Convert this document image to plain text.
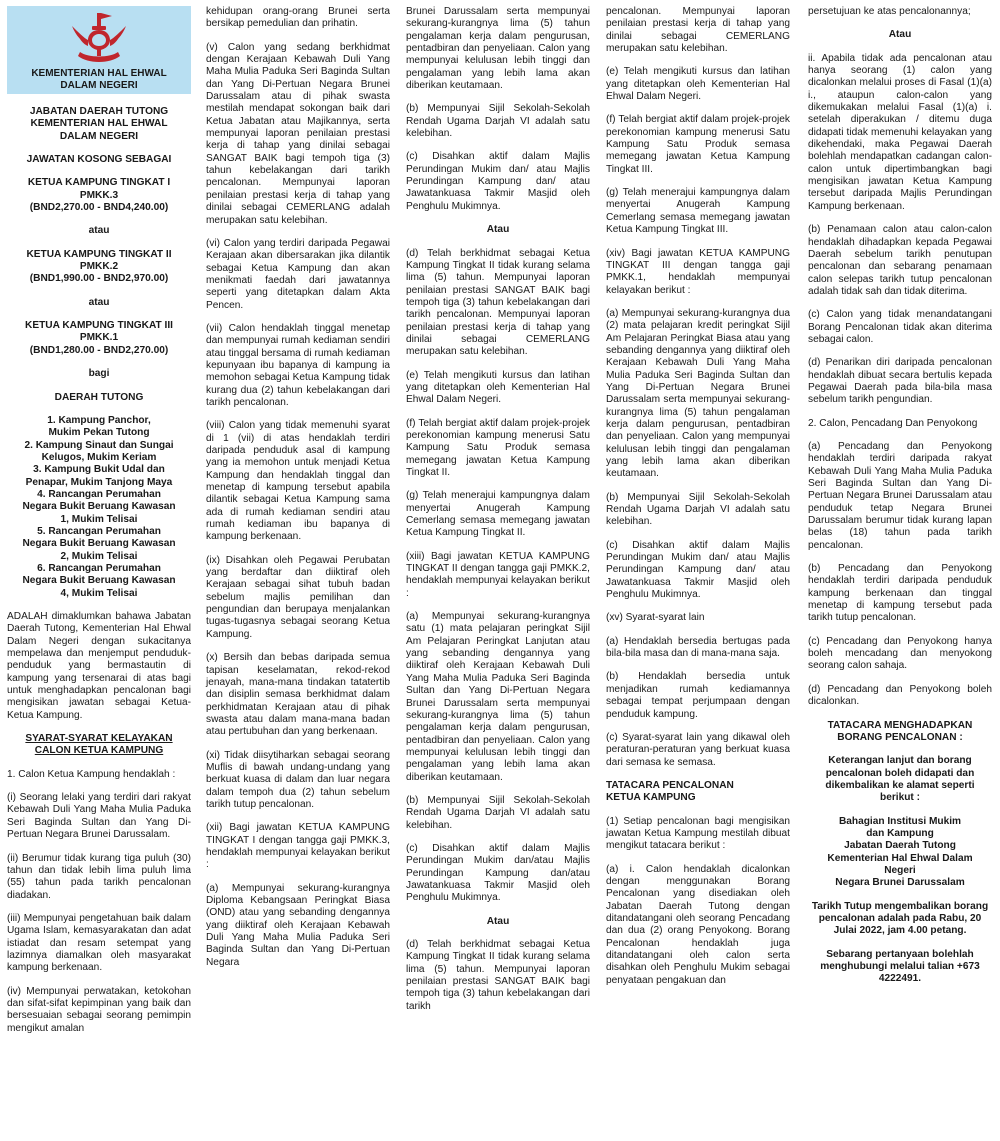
KEMENTERIAN HAL EHWAL
DALAM NEGERI

JABATAN DAERAH TUTONG
KEMENTERIAN HAL EHWAL
DALAM NEGERI

JAWATAN KOSONG SEBAGAI

KETUA KAMPUNG TINGKAT I
PMKK.3
(BND2,270.00 - BND4,240.00)

atau

KETUA KAMPUNG TINGKAT II
PMKK.2
(BND1,990.00 - BND2,970.00)

atau

KETUA KAMPUNG TINGKAT III
PMKK.1
(BND1,280.00 - BND2,270.00)

bagi

DAERAH TUTONG

1. Kampung Panchor,
Mukim Pekan Tutong
2. Kampung Sinaut dan Sungai
Kelugos, Mukim Keriam
3. Kampung Bukit Udal dan
Penapar, Mukim Tanjong Maya
4. Rancangan Perumahan
Negara Bukit Beruang Kawasan
1, Mukim Telisai
5. Rancangan Perumahan
Negara Bukit Beruang Kawasan
2, Mukim Telisai
6. Rancangan Perumahan
Negara Bukit Beruang Kawasan
4, Mukim Telisai

ADALAH dimaklumkan bahawa Jabatan Daerah Tutong, Kementerian Hal Ehwal Dalam Negeri dengan sukacitanya mempelawa dan menjemput penduduk-penduduk yang bermastautin di kampung yang tersenarai di atas bagi untuk menghadapkan pencalonan bagi mengisikan jawatan sebagai Ketua-Ketua Kampung.

SYARAT-SYARAT KELAYAKAN
CALON KETUA KAMPUNG

1. Calon Ketua Kampung hendaklah :

(i) Seorang lelaki yang terdiri dari rakyat Kebawah Duli Yang Maha Mulia Paduka Seri Baginda Sultan dan Yang Di-Pertuan Negara Brunei Darussalam.

(ii) Berumur tidak kurang tiga puluh (30) tahun dan tidak lebih lima puluh lima (55) tahun pada tarikh pencalonan diadakan.

(iii) Mempunyai pengetahuan baik dalam Ugama Islam, kemasyarakatan dan adat istiadat dan resam setempat yang lazimnya diamalkan oleh masyarakat kampung berkenaan.

(iv) Mempunyai perwatakan, ketokohan dan sifat-sifat kepimpinan yang baik dan bersesuaian sebagai seorang pemimpin mengikut amalan

kehidupan orang-orang Brunei serta bersikap pemedulian dan prihatin.

(v) Calon yang sedang berkhidmat dengan Kerajaan Kebawah Duli Yang Maha Mulia Paduka Seri Baginda Sultan dan Yang Di-Pertuan Negara Brunei Darussalam atau di pihak swasta mestilah mendapat sokongan baik dari Ketua Jabatan atau Majikannya, serta mempunyai laporan penilaian prestasi kerja di tahap yang dinilai sebagai SANGAT BAIK bagi tempoh tiga (3) tahun kebelakangan dari tarikh pencalonan. Mempunyai laporan penilaian prestasi kerja di tahap yang dinilai sebagai CEMERLANG adalah merupakan satu kelebihan.

(vi) Calon yang terdiri daripada Pegawai Kerajaan akan dibersarakan jika dilantik sebagai Ketua Kampung dan akan menikmati faedah dari jawatannya seperti yang ditetapkan dalam Akta Pencen.

(vii) Calon hendaklah tinggal menetap dan mempunyai rumah kediaman sendiri atau tinggal bersama di rumah kediaman kepunyaan ibu bapanya di kampung ia memohon sebagai Ketua Kampung tidak kurang dua (2) tahun kebelakangan dari tarikh pencalonan.

(viii) Calon yang tidak memenuhi syarat di 1 (vii) di atas hendaklah terdiri daripada penduduk asal di kampung yang ia memohon untuk menjadi Ketua Kampung dan hendaklah tinggal dan menetap di kampung tersebut apabila dilantik sebagai Ketua Kampung sama ada di rumah kediaman sendiri atau rumah kediaman ibu bapanya di kampung berkenaan.

(ix) Disahkan oleh Pegawai Perubatan yang berdaftar dan diiktiraf oleh Kerajaan sebagai sihat tubuh badan sebelum majlis pemilihan dan pengundian dan berupaya menjalankan tugas-tugasnya sebagai seorang Ketua Kampung.

(x) Bersih dan bebas daripada semua tapisan keselamatan, rekod-rekod jenayah, mana-mana tindakan tatatertib dan disiplin semasa berkhidmat dalam perkhidmatan Kerajaan atau di pihak swasta atau dalam mana-mana badan atau pertubuhan dan yang berkenaan.

(xi) Tidak diisytiharkan sebagai seorang Muflis di bawah undang-undang yang berkuat kuasa di dalam dan luar negara dalam tempoh dua (2) tahun sebelum tarikh tutup pencalonan.

(xii) Bagi jawatan KETUA KAMPUNG TINGKAT I dengan tangga gaji PMKK.3, hendaklah mempunyai kelayakan berikut :

(a) Mempunyai sekurang-kurangnya Diploma Kebangsaan Peringkat Biasa (OND) atau yang sebanding dengannya yang diiktiraf oleh Kerajaan Kebawah Duli Yang Maha Mulia Paduka Seri Baginda Sultan dan Yang Di-Pertuan Negara

Brunei Darussalam serta mempunyai sekurang-kurangnya lima (5) tahun pengalaman kerja dalam pengurusan, pentadbiran dan penyeliaan. Calon yang mempunyai kelulusan lebih tinggi dan pengalaman yang lebih lama akan diberikan keutamaan.

(b) Mempunyai Sijil Sekolah-Sekolah Rendah Ugama Darjah VI adalah satu kelebihan.

(c) Disahkan aktif dalam Majlis Perundingan Mukim dan/ atau Majlis Perundingan Kampung dan/ atau Jawatankuasa Takmir Masjid oleh Penghulu Mukimnya.

Atau

(d) Telah berkhidmat sebagai Ketua Kampung Tingkat II tidak kurang selama lima (5) tahun. Mempunyai laporan penilaian prestasi SANGAT BAIK bagi tempoh tiga (3) tahun kebelakangan dari tarikh pencalonan. Mempunyai laporan penilaian prestasi kerja di tahap yang dinilai sebagai CEMERLANG merupakan satu kelebihan.

(e) Telah mengikuti kursus dan latihan yang ditetapkan oleh Kementerian Hal Ehwal Dalam Negeri.

(f) Telah bergiat aktif dalam projek-projek perekonomian kampung menerusi Satu Kampung Satu Produk semasa memegang jawatan Ketua Kampung Tingkat II.

(g) Telah menerajui kampungnya dalam menyertai Anugerah Kampung Cemerlang semasa memegang jawatan Ketua Kampung Tingkat II.

(xiii) Bagi jawatan KETUA KAMPUNG TINGKAT II dengan tangga gaji PMKK.2, hendaklah mempunyai kelayakan berikut :

(a) Mempunyai sekurang-kurangnya satu (1) mata pelajaran peringkat Sijil Am Pelajaran Peringkat Lanjutan atau yang sebanding dengannya yang diiktiraf oleh Kerajaan Kebawah Duli Yang Maha Mulia Paduka Seri Baginda Sultan dan Yang Di-Pertuan Negara Brunei Darussalam serta mempunyai sekurang-kurangnya lima (5) tahun pengalaman kerja dalam pengurusan, pentadbiran dan penyeliaan. Calon yang mempunyai kelulusan lebih tinggi dan pengalaman yang lebih lama akan diberikan keutamaan.

(b) Mempunyai Sijil Sekolah-Sekolah Rendah Ugama Darjah VI adalah satu kelebihan.

(c) Disahkan aktif dalam Majlis Perundingan Mukim dan/atau Majlis Perundingan Kampung dan/atau Jawatankuasa Takmir Masjid oleh Penghulu Mukimnya.

Atau

(d) Telah berkhidmat sebagai Ketua Kampung Tingkat II tidak kurang selama lima (5) tahun. Mempunyai laporan penilaian prestasi SANGAT BAIK bagi tempoh tiga (3) tahun kebelakangan dari tarikh

pencalonan. Mempunyai laporan penilaian prestasi kerja di tahap yang dinilai sebagai CEMERLANG merupakan satu kelebihan.

(e) Telah mengikuti kursus dan latihan yang ditetapkan oleh Kementerian Hal Ehwal Dalam Negeri.

(f) Telah bergiat aktif dalam projek-projek perekonomian kampung menerusi Satu Kampung Satu Produk semasa memegang jawatan Ketua Kampung Tingkat III.

(g) Telah menerajui kampungnya dalam menyertai Anugerah Kampung Cemerlang semasa memegang jawatan Ketua Kampung Tingkat III.

(xiv) Bagi jawatan KETUA KAMPUNG TINGKAT III dengan tangga gaji PMKK.1, hendaklah mempunyai kelayakan berikut :

(a) Mempunyai sekurang-kurangnya dua (2) mata pelajaran kredit peringkat Sijil Am Pelajaran Peringkat Biasa atau yang sebanding dengannya yang diiktiraf oleh Kerajaan Kebawah Duli Yang Maha Mulia Paduka Seri Baginda Sultan dan Yang Di-Pertuan Negara Brunei Darussalam serta mempunyai sekurang-kurangnya lima (5) tahun pengalaman kerja dalam pengurusan, pentadbiran dan penyeliaan. Calon yang mempunyai kelulusan lebih tinggi dan pengalaman yang lebih lama akan diberikan keutamaan.

(b) Mempunyai Sijil Sekolah-Sekolah Rendah Ugama Darjah VI adalah satu kelebihan.

(c) Disahkan aktif dalam Majlis Perundingan Mukim dan/ atau Majlis Perundingan Kampung dan/ atau Jawatankuasa Takmir Masjid oleh Penghulu Mukimnya.

(xv) Syarat-syarat lain

(a) Hendaklah bersedia bertugas pada bila-bila masa dan di mana-mana saja.

(b) Hendaklah bersedia untuk menjadikan rumah kediamannya sebagai tempat perjumpaan dengan penduduk kampung.

(c) Syarat-syarat lain yang dikawal oleh peraturan-peraturan yang berkuat kuasa dari semasa ke semasa.

TATACARA PENCALONAN
KETUA KAMPUNG

(1) Setiap pencalonan bagi mengisikan jawatan Ketua Kampung mestilah dibuat mengikut tatacara berikut :

(a) i. Calon hendaklah dicalonkan dengan menggunakan Borang Pencalonan yang disediakan oleh Jabatan Daerah Tutong dengan ditandatangani oleh seorang Pencadang dan dua (2) orang Penyokong. Borang Pencalonan hendaklah juga ditandatangani oleh calon serta disahkan oleh Penghulu Mukim sebagai penyataan pengakuan dan

persetujuan ke atas pencalonannya;

Atau

ii. Apabila tidak ada pencalonan atau hanya seorang (1) calon yang dicalonkan melalui proses di Fasal (1)(a) i., ataupun calon-calon yang dikemukakan melalui Fasal (1)(a) i. setelah diperakukan / ditemu duga didapati tidak memenuhi kelayakan yang dikehendaki, maka Pegawai Daerah bolehlah mendapatkan cadangan calon-calon untuk dipertimbangkan bagi mengisikan jawatan Ketua Kampung tersebut daripada Majlis Perundingan Kampung berkenaan.

(b) Penamaan calon atau calon-calon hendaklah dihadapkan kepada Pegawai Daerah sebelum tarikh penutupan pencalonan dan sebarang penamaan calon selepas tarikh tutup pencalonan adalah tidak sah dan tidak diterima.

(c) Calon yang tidak menandatangani Borang Pencalonan tidak akan diterima sebagai calon.

(d) Penarikan diri daripada pencalonan hendaklah dibuat secara bertulis kepada Pegawai Daerah pada bila-bila masa sebelum tarikh pengundian.

2. Calon, Pencadang Dan Penyokong

(a) Pencadang dan Penyokong hendaklah terdiri daripada rakyat Kebawah Duli Yang Maha Mulia Paduka Seri Baginda Sultan dan Yang Di-Pertuan Negara Brunei Darussalam atau penduduk tetap Negara Brunei Darussalam berumur tidak kurang lapan belas (18) tahun pada tarikh pencalonan.

(b) Pencadang dan Penyokong hendaklah terdiri daripada penduduk kampung berkenaan dan tinggal menetap di kampung tersebut pada tarikh tutup pencalonan.

(c) Pencadang dan Penyokong hanya boleh mencadang dan menyokong seorang calon sahaja.

(d) Pencadang dan Penyokong boleh dicalonkan.

TATACARA MENGHADAPKAN
BORANG PENCALONAN :

Keterangan lanjut dan borang pencalonan boleh didapati dan dikembalikan ke alamat seperti berikut :

Bahagian Institusi Mukim
dan Kampung
Jabatan Daerah Tutong
Kementerian Hal Ehwal Dalam
Negeri
Negara Brunei Darussalam

Tarikh Tutup mengembalikan borang pencalonan adalah pada Rabu, 20 Julai 2022, jam 4.00 petang.

Sebarang pertanyaan bolehlah menghubungi melalui talian +673 4222491.
